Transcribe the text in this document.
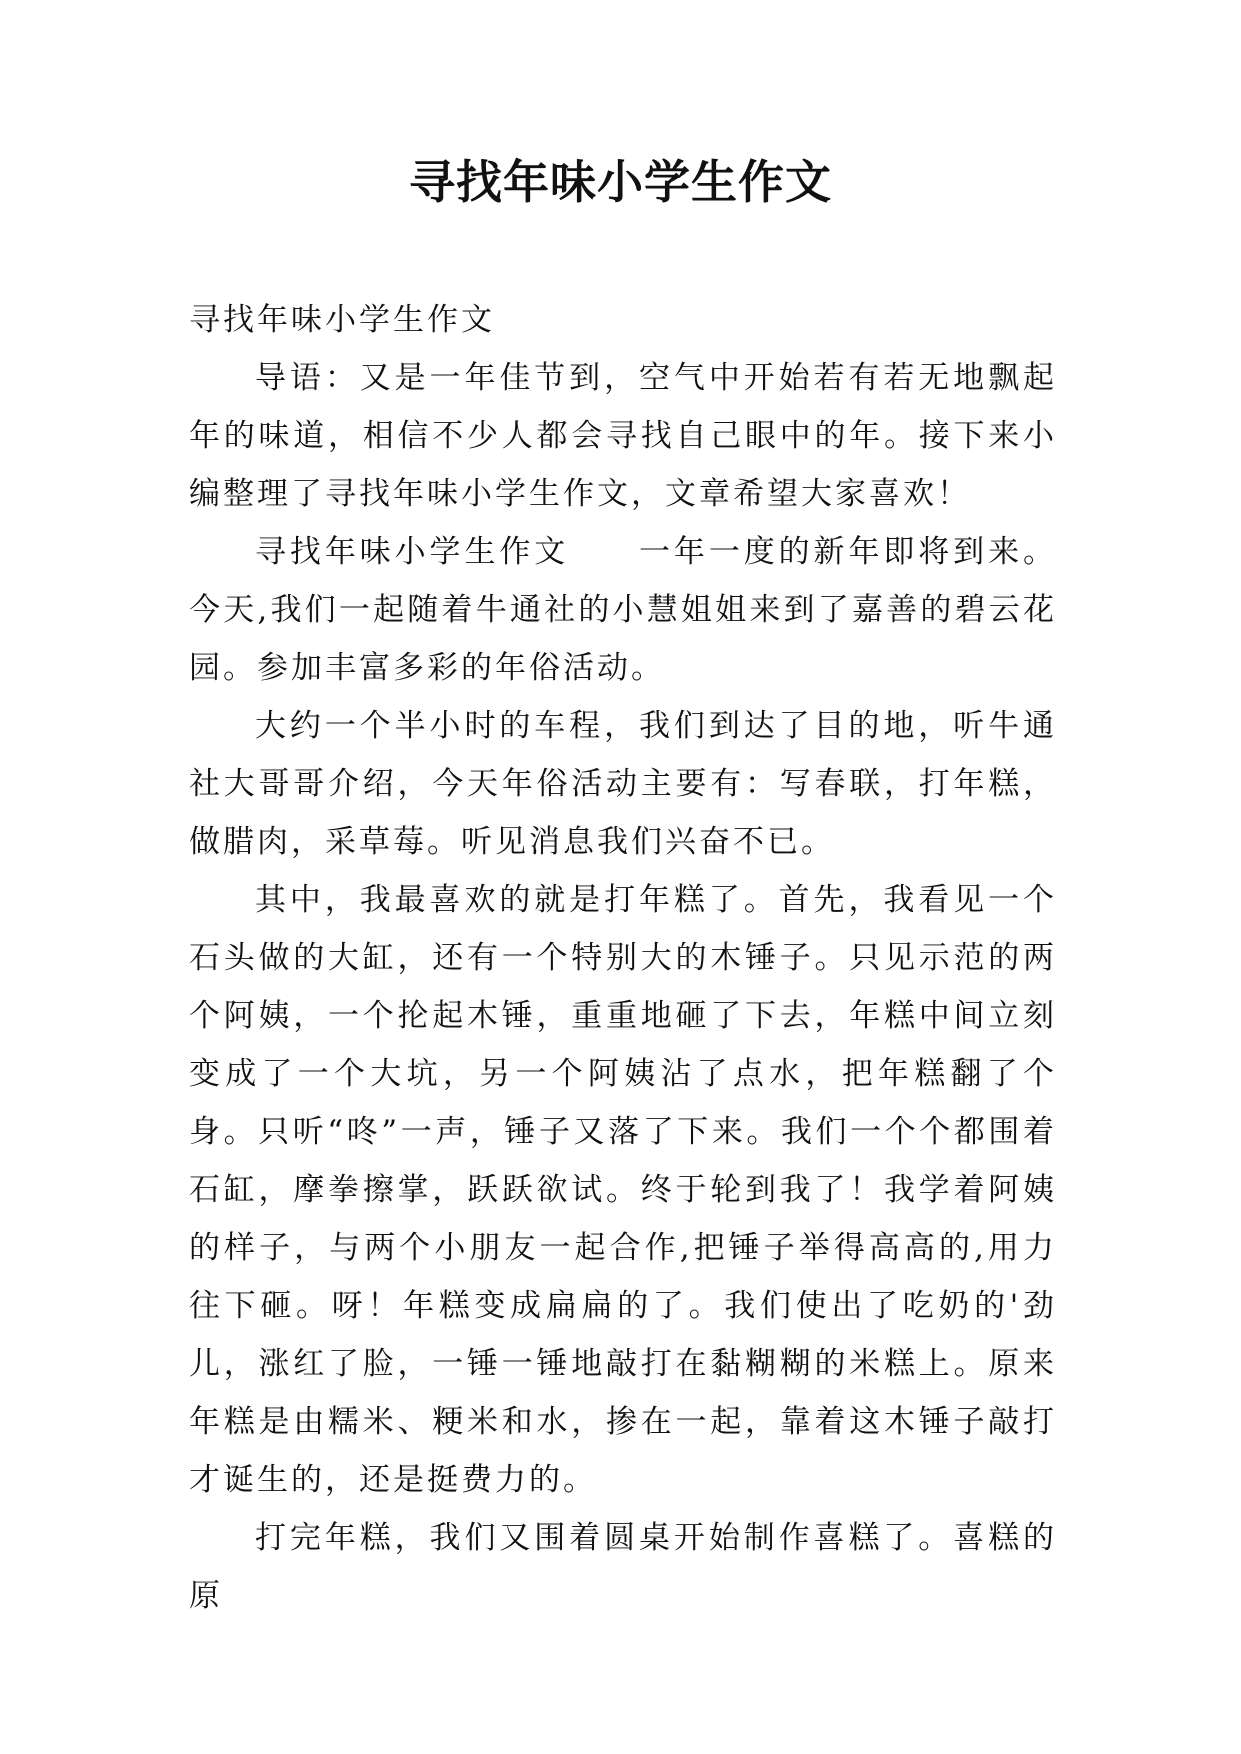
寻找年味小学生作文

寻找年味小学生作文

导语：又是一年佳节到，空气中开始若有若无地飘起年的味道，相信不少人都会寻找自己眼中的年。接下来小编整理了寻找年味小学生作文，文章希望大家喜欢！

寻找年味小学生作文　　一年一度的新年即将到来。今天,我们一起随着牛通社的小慧姐姐来到了嘉善的碧云花园。参加丰富多彩的年俗活动。

大约一个半小时的车程，我们到达了目的地，听牛通社大哥哥介绍，今天年俗活动主要有：写春联，打年糕，做腊肉，采草莓。听见消息我们兴奋不已。

其中，我最喜欢的就是打年糕了。首先，我看见一个石头做的大缸，还有一个特别大的木锤子。只见示范的两个阿姨，一个抡起木锤，重重地砸了下去，年糕中间立刻变成了一个大坑，另一个阿姨沾了点水，把年糕翻了个身。只听“咚”一声，锤子又落了下来。我们一个个都围着石缸，摩拳擦掌，跃跃欲试。终于轮到我了！我学着阿姨的样子，与两个小朋友一起合作,把锤子举得高高的,用力往下砸。呀！年糕变成扁扁的了。我们使出了吃奶的'劲儿，涨红了脸，一锤一锤地敲打在黏糊糊的米糕上。原来年糕是由糯米、粳米和水，掺在一起，靠着这木锤子敲打才诞生的，还是挺费力的。

打完年糕，我们又围着圆桌开始制作喜糕了。喜糕的原
